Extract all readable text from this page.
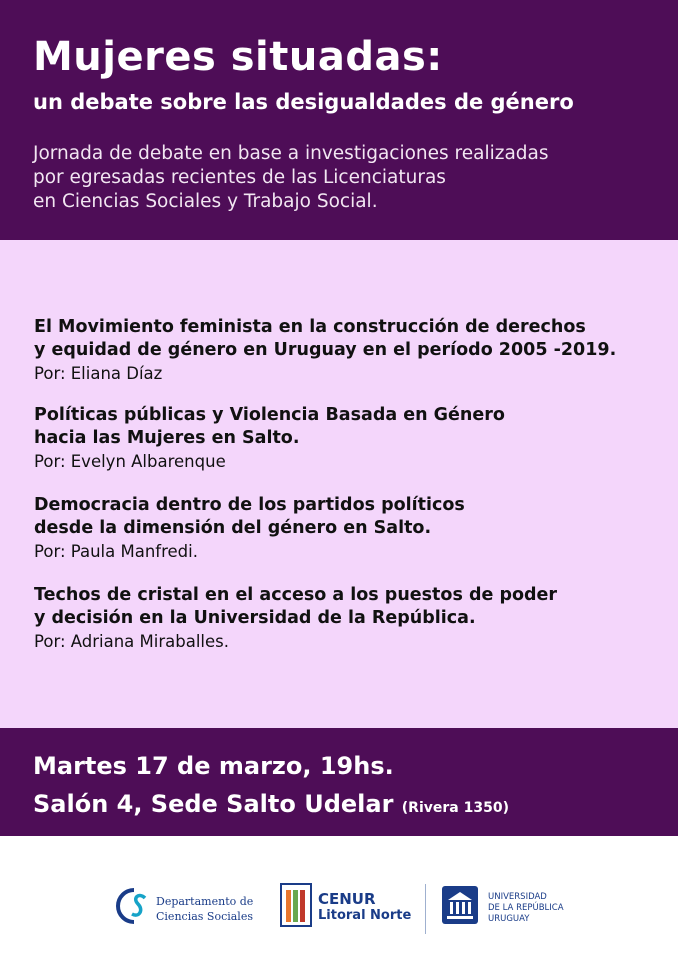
Mujeres situadas:
un debate sobre las desigualdades de género
Jornada de debate en base a investigaciones realizadas
por egresadas recientes de las Licenciaturas
en Ciencias Sociales y Trabajo Social.
El Movimiento feminista en la construcción de derechos
y equidad de género en Uruguay en el período 2005 -2019.
Por: Eliana Díaz
Políticas públicas y Violencia Basada en Género
hacia las Mujeres en Salto.
Por: Evelyn Albarenque
Democracia dentro de los partidos políticos
desde la dimensión del género en Salto.
Por: Paula Manfredi.
Techos de cristal en el acceso a los puestos de poder
y decisión en la Universidad de la República.
Por: Adriana Miraballes.
Martes 17 de marzo, 19hs.
Salón 4, Sede Salto Udelar (Rivera 1350)
Departamento de
Ciencias Sociales
CENUR
Litoral Norte
UNIVERSIDAD
DE LA REPÚBLICA
URUGUAY
